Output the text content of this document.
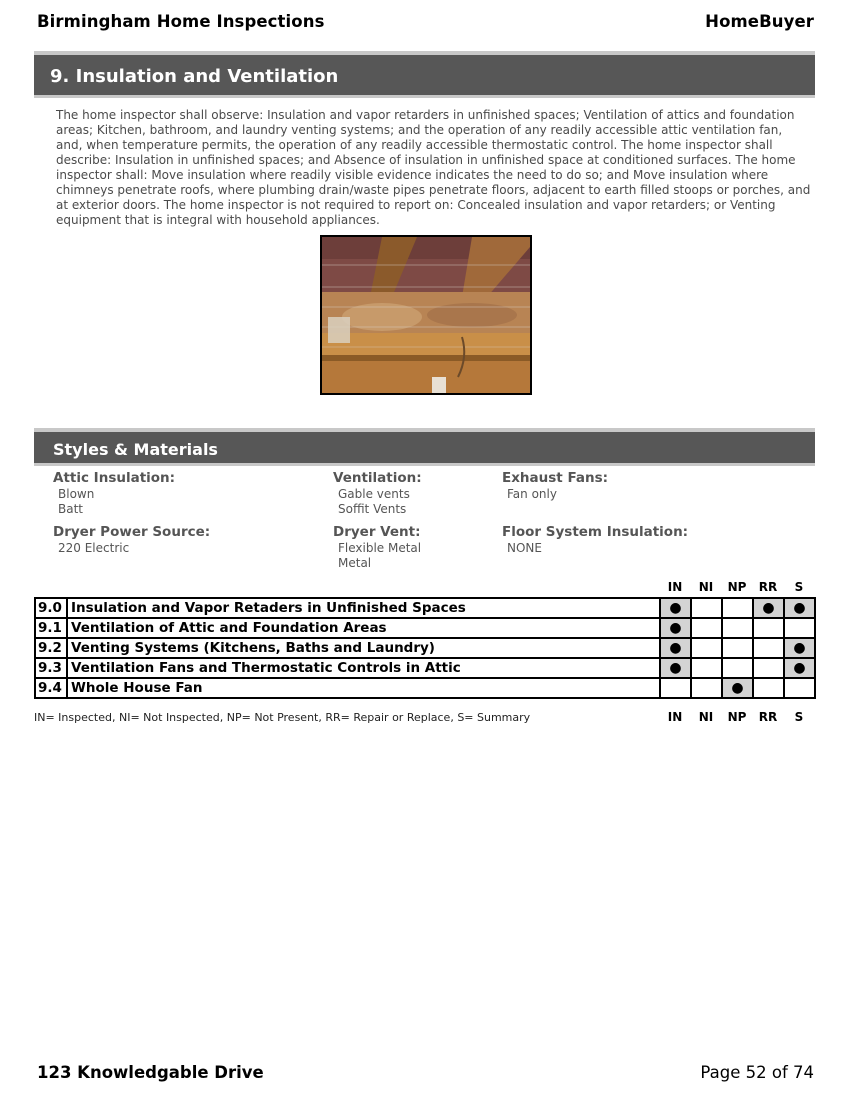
Birmingham Home Inspections	HomeBuyer
9. Insulation and Ventilation
The home inspector shall observe: Insulation and vapor retarders in unfinished spaces; Ventilation of attics and foundation areas; Kitchen, bathroom, and laundry venting systems; and the operation of any readily accessible attic ventilation fan, and, when temperature permits, the operation of any readily accessible thermostatic control. The home inspector shall describe: Insulation in unfinished spaces; and Absence of insulation in unfinished space at conditioned surfaces. The home inspector shall: Move insulation where readily visible evidence indicates the need to do so; and Move insulation where chimneys penetrate roofs, where plumbing drain/waste pipes penetrate floors, adjacent to earth filled stoops or porches, and at exterior doors. The home inspector is not required to report on: Concealed insulation and vapor retarders; or Venting equipment that is integral with household appliances.
Styles & Materials
Attic Insulation:
Blown
Batt
Ventilation:
Gable vents
Soffit Vents
Exhaust Fans:
Fan only
Dryer Power Source:
220 Electric
Dryer Vent:
Flexible Metal
Metal
Floor System Insulation:
NONE
IN	NI	NP	RR	S
9.0	Insulation and Vapor Retaders in Unfinished Spaces	●			●	●
9.1	Ventilation of Attic and Foundation Areas	●				
9.2	Venting Systems (Kitchens, Baths and Laundry)	●				●
9.3	Ventilation Fans and Thermostatic Controls in Attic	●				●
9.4	Whole House Fan			●		
IN	NI	NP	RR	S
IN= Inspected, NI= Not Inspected, NP= Not Present, RR= Repair or Replace, S= Summary
123 Knowledgable Drive	Page 52 of 74
